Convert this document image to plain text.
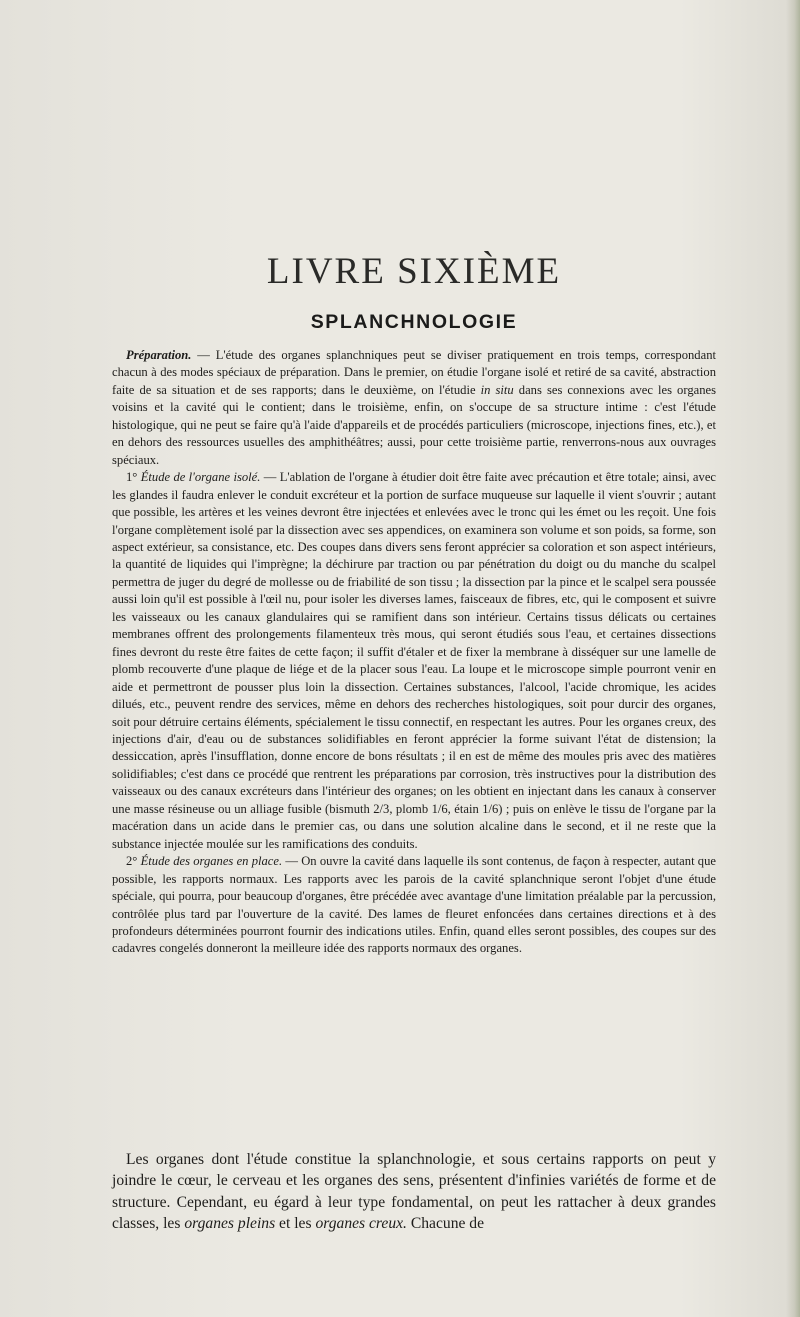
LIVRE SIXIÈME
SPLANCHNOLOGIE

Préparation. — L'étude des organes splanchniques peut se diviser pratiquement en trois temps, correspondant chacun à des modes spéciaux de préparation. Dans le premier, on étudie l'organe isolé et retiré de sa cavité, abstraction faite de sa situation et de ses rapports; dans le deuxième, on l'étudie in situ dans ses connexions avec les organes voisins et la cavité qui le contient; dans le troisième, enfin, on s'occupe de sa structure intime : c'est l'étude histologique, qui ne peut se faire qu'à l'aide d'appareils et de procédés particuliers (microscope, injections fines, etc.), et en dehors des ressources usuelles des amphithéâtres; aussi, pour cette troisième partie, renverrons-nous aux ouvrages spéciaux.

1° Étude de l'organe isolé. — L'ablation de l'organe à étudier doit être faite avec précaution et être totale; ainsi, avec les glandes il faudra enlever le conduit excréteur et la portion de surface muqueuse sur laquelle il vient s'ouvrir ; autant que possible, les artères et les veines devront être injectées et enlevées avec le tronc qui les émet ou les reçoit. Une fois l'organe complètement isolé par la dissection avec ses appendices, on examinera son volume et son poids, sa forme, son aspect extérieur, sa consistance, etc. Des coupes dans divers sens feront apprécier sa coloration et son aspect intérieurs, la quantité de liquides qui l'imprègne; la déchirure par traction ou par pénétration du doigt ou du manche du scalpel permettra de juger du degré de mollesse ou de friabilité de son tissu ; la dissection par la pince et le scalpel sera poussée aussi loin qu'il est possible à l'œil nu, pour isoler les diverses lames, faisceaux de fibres, etc, qui le composent et suivre les vaisseaux ou les canaux glandulaires qui se ramifient dans son intérieur. Certains tissus délicats ou certaines membranes offrent des prolongements filamenteux très mous, qui seront étudiés sous l'eau, et certaines dissections fines devront du reste être faites de cette façon; il suffit d'étaler et de fixer la membrane à disséquer sur une lamelle de plomb recouverte d'une plaque de liége et de la placer sous l'eau. La loupe et le microscope simple pourront venir en aide et permettront de pousser plus loin la dissection. Certaines substances, l'alcool, l'acide chromique, les acides dilués, etc., peuvent rendre des services, même en dehors des recherches histologiques, soit pour durcir des organes, soit pour détruire certains éléments, spécialement le tissu connectif, en respectant les autres. Pour les organes creux, des injections d'air, d'eau ou de substances solidifiables en feront apprécier la forme suivant l'état de distension; la dessiccation, après l'insufflation, donne encore de bons résultats ; il en est de même des moules pris avec des matières solidifiables; c'est dans ce procédé que rentrent les préparations par corrosion, très instructives pour la distribution des vaisseaux ou des canaux excréteurs dans l'intérieur des organes; on les obtient en injectant dans les canaux à conserver une masse résineuse ou un alliage fusible (bismuth 2/3, plomb 1/6, étain 1/6) ; puis on enlève le tissu de l'organe par la macération dans un acide dans le premier cas, ou dans une solution alcaline dans le second, et il ne reste que la substance injectée moulée sur les ramifications des conduits.

2° Étude des organes en place. — On ouvre la cavité dans laquelle ils sont contenus, de façon à respecter, autant que possible, les rapports normaux. Les rapports avec les parois de la cavité splanchnique seront l'objet d'une étude spéciale, qui pourra, pour beaucoup d'organes, être précédée avec avantage d'une limitation préalable par la percussion, contrôlée plus tard par l'ouverture de la cavité. Des lames de fleuret enfoncées dans certaines directions et à des profondeurs déterminées pourront fournir des indications utiles. Enfin, quand elles seront possibles, des coupes sur des cadavres congelés donneront la meilleure idée des rapports normaux des organes.

Les organes dont l'étude constitue la splanchnologie, et sous certains rapports on peut y joindre le cœur, le cerveau et les organes des sens, présentent d'infinies variétés de forme et de structure. Cependant, eu égard à leur type fondamental, on peut les rattacher à deux grandes classes, les organes pleins et les organes creux. Chacune de
